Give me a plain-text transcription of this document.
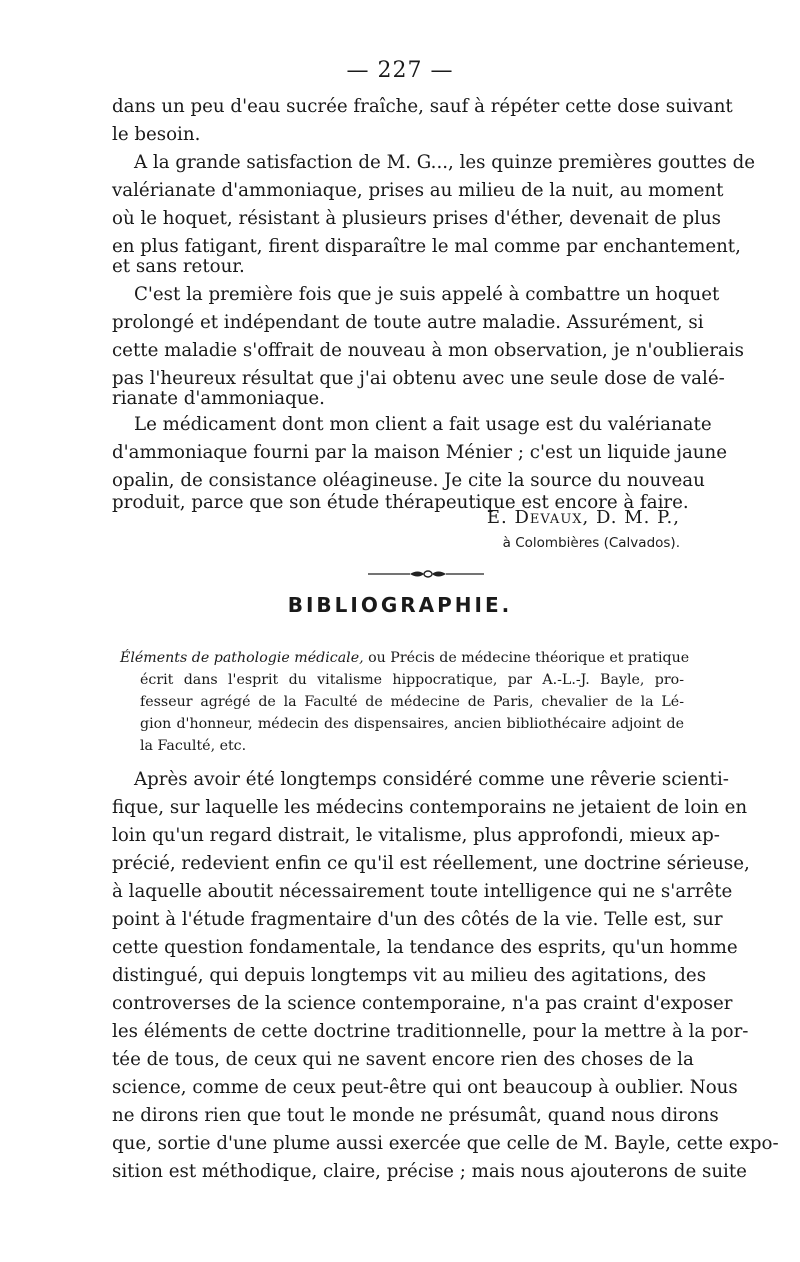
— 227 —
dans un peu d'eau sucrée fraîche, sauf à répéter cette dose suivant
le besoin.
A la grande satisfaction de M. G..., les quinze premières gouttes de
valérianate d'ammoniaque, prises au milieu de la nuit, au moment
où le hoquet, résistant à plusieurs prises d'éther, devenait de plus
en plus fatigant, firent disparaître le mal comme par enchantement,
et sans retour.
C'est la première fois que je suis appelé à combattre un hoquet
prolongé et indépendant de toute autre maladie. Assurément, si
cette maladie s'offrait de nouveau à mon observation, je n'oublierais
pas l'heureux résultat que j'ai obtenu avec une seule dose de valé-
rianate d'ammoniaque.
Le médicament dont mon client a fait usage est du valérianate
d'ammoniaque fourni par la maison Ménier ; c'est un liquide jaune
opalin, de consistance oléagineuse. Je cite la source du nouveau
produit, parce que son étude thérapeutique est encore à faire.
E. Devaux, D. M. P.,
à Colombières (Calvados).
BIBLIOGRAPHIE.
Éléments de pathologie médicale, ou Précis de médecine théorique et pratique
écrit dans l'esprit du vitalisme hippocratique, par A.-L.-J. Bayle, pro-
fesseur agrégé de la Faculté de médecine de Paris, chevalier de la Lé-
gion d'honneur, médecin des dispensaires, ancien bibliothécaire adjoint de
la Faculté, etc.
Après avoir été longtemps considéré comme une rêverie scienti-
fique, sur laquelle les médecins contemporains ne jetaient de loin en
loin qu'un regard distrait, le vitalisme, plus approfondi, mieux ap-
précié, redevient enfin ce qu'il est réellement, une doctrine sérieuse,
à laquelle aboutit nécessairement toute intelligence qui ne s'arrête
point à l'étude fragmentaire d'un des côtés de la vie. Telle est, sur
cette question fondamentale, la tendance des esprits, qu'un homme
distingué, qui depuis longtemps vit au milieu des agitations, des
controverses de la science contemporaine, n'a pas craint d'exposer
les éléments de cette doctrine traditionnelle, pour la mettre à la por-
tée de tous, de ceux qui ne savent encore rien des choses de la
science, comme de ceux peut-être qui ont beaucoup à oublier. Nous
ne dirons rien que tout le monde ne présumât, quand nous dirons
que, sortie d'une plume aussi exercée que celle de M. Bayle, cette expo-
sition est méthodique, claire, précise ; mais nous ajouterons de suite
